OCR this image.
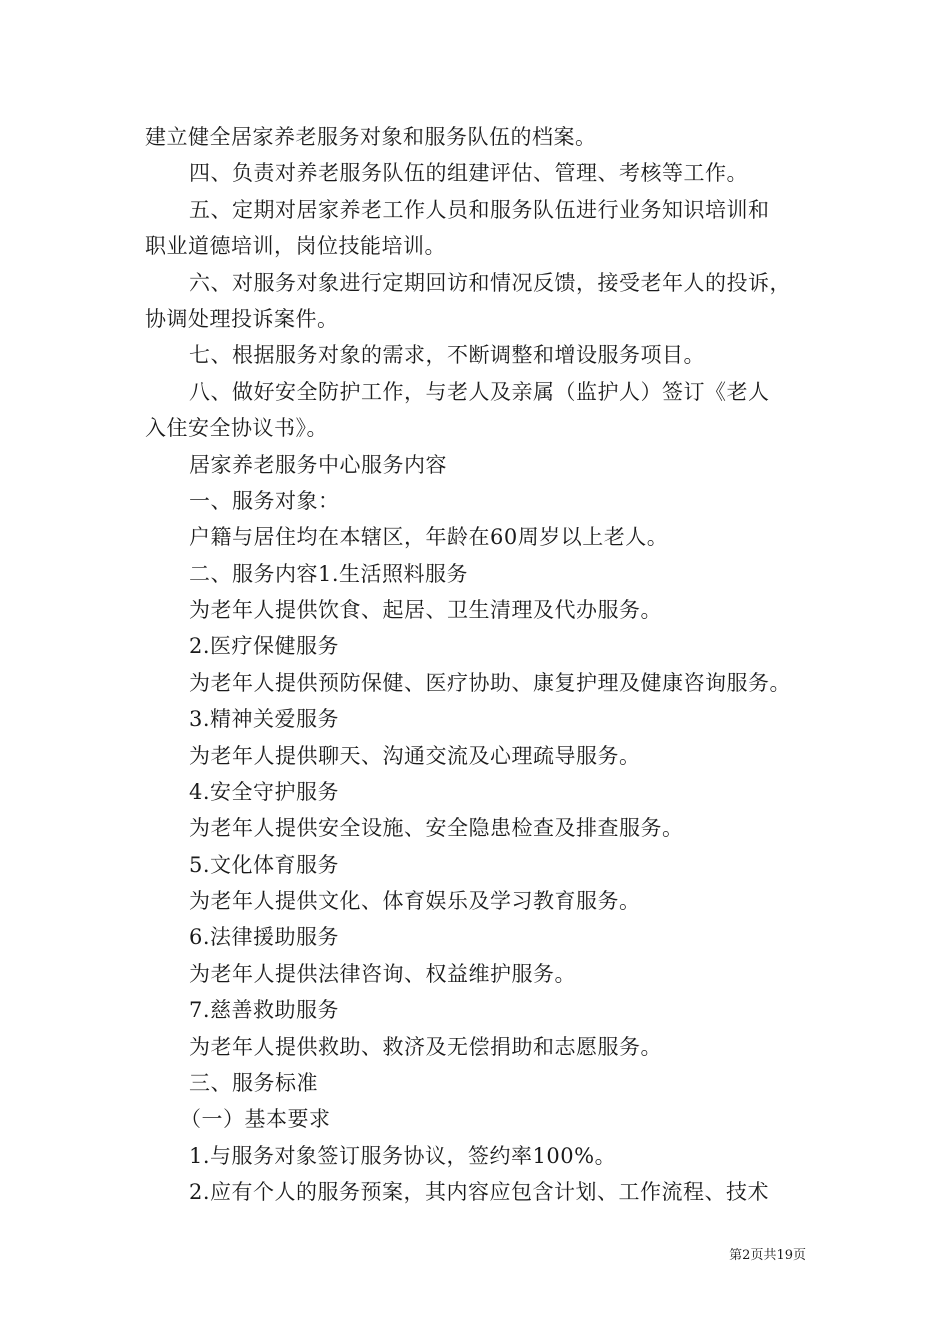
建立健全居家养老服务对象和服务队伍的档案。
四、负责对养老服务队伍的组建评估、管理、考核等工作。
五、定期对居家养老工作人员和服务队伍进行业务知识培训和
职业道德培训，岗位技能培训。
六、对服务对象进行定期回访和情况反馈，接受老年人的投诉，
协调处理投诉案件。
七、根据服务对象的需求，不断调整和增设服务项目。
八、做好安全防护工作，与老人及亲属（监护人）签订《老人
入住安全协议书》。
居家养老服务中心服务内容
一、服务对象：
户籍与居住均在本辖区，年龄在60周岁以上老人。
二、服务内容1.生活照料服务
为老年人提供饮食、起居、卫生清理及代办服务。
2.医疗保健服务
为老年人提供预防保健、医疗协助、康复护理及健康咨询服务。
3.精神关爱服务
为老年人提供聊天、沟通交流及心理疏导服务。
4.安全守护服务
为老年人提供安全设施、安全隐患检查及排查服务。
5.文化体育服务
为老年人提供文化、体育娱乐及学习教育服务。
6.法律援助服务
为老年人提供法律咨询、权益维护服务。
7.慈善救助服务
为老年人提供救助、救济及无偿捐助和志愿服务。
三、服务标准
（一）基本要求
1.与服务对象签订服务协议，签约率100%。
2.应有个人的服务预案，其内容应包含计划、工作流程、技术
第2页共19页
